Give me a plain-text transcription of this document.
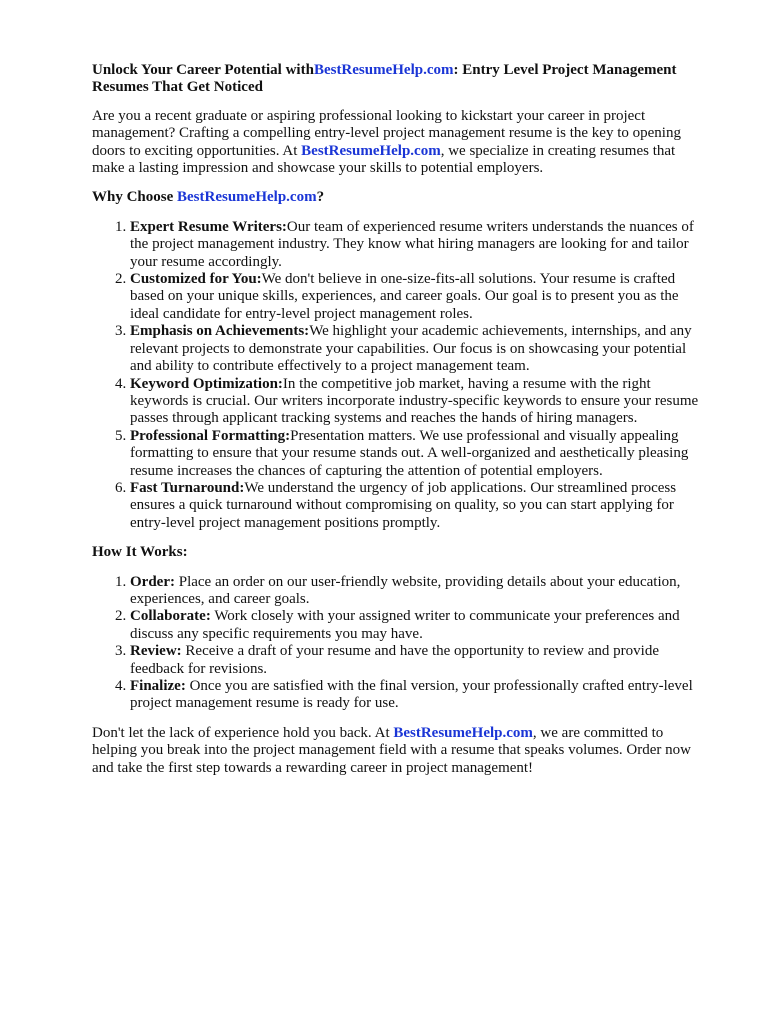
Unlock Your Career Potential withBestResumeHelp.com: Entry Level Project Management Resumes That Get Noticed

Are you a recent graduate or aspiring professional looking to kickstart your career in project management? Crafting a compelling entry-level project management resume is the key to opening doors to exciting opportunities. At BestResumeHelp.com, we specialize in creating resumes that make a lasting impression and showcase your skills to potential employers.

Why Choose BestResumeHelp.com?
1. Expert Resume Writers:Our team of experienced resume writers understands the nuances of the project management industry. They know what hiring managers are looking for and tailor your resume accordingly.
2. Customized for You:We don't believe in one-size-fits-all solutions. Your resume is crafted based on your unique skills, experiences, and career goals. Our goal is to present you as the ideal candidate for entry-level project management roles.
3. Emphasis on Achievements:We highlight your academic achievements, internships, and any relevant projects to demonstrate your capabilities. Our focus is on showcasing your potential and ability to contribute effectively to a project management team.
4. Keyword Optimization:In the competitive job market, having a resume with the right keywords is crucial. Our writers incorporate industry-specific keywords to ensure your resume passes through applicant tracking systems and reaches the hands of hiring managers.
5. Professional Formatting:Presentation matters. We use professional and visually appealing formatting to ensure that your resume stands out. A well-organized and aesthetically pleasing resume increases the chances of capturing the attention of potential employers.
6. Fast Turnaround:We understand the urgency of job applications. Our streamlined process ensures a quick turnaround without compromising on quality, so you can start applying for entry-level project management positions promptly.
How It Works:
1. Order: Place an order on our user-friendly website, providing details about your education, experiences, and career goals.
2. Collaborate: Work closely with your assigned writer to communicate your preferences and discuss any specific requirements you may have.
3. Review: Receive a draft of your resume and have the opportunity to review and provide feedback for revisions.
4. Finalize: Once you are satisfied with the final version, your professionally crafted entry-level project management resume is ready for use.

Don't let the lack of experience hold you back. At BestResumeHelp.com, we are committed to helping you break into the project management field with a resume that speaks volumes. Order now and take the first step towards a rewarding career in project management!
